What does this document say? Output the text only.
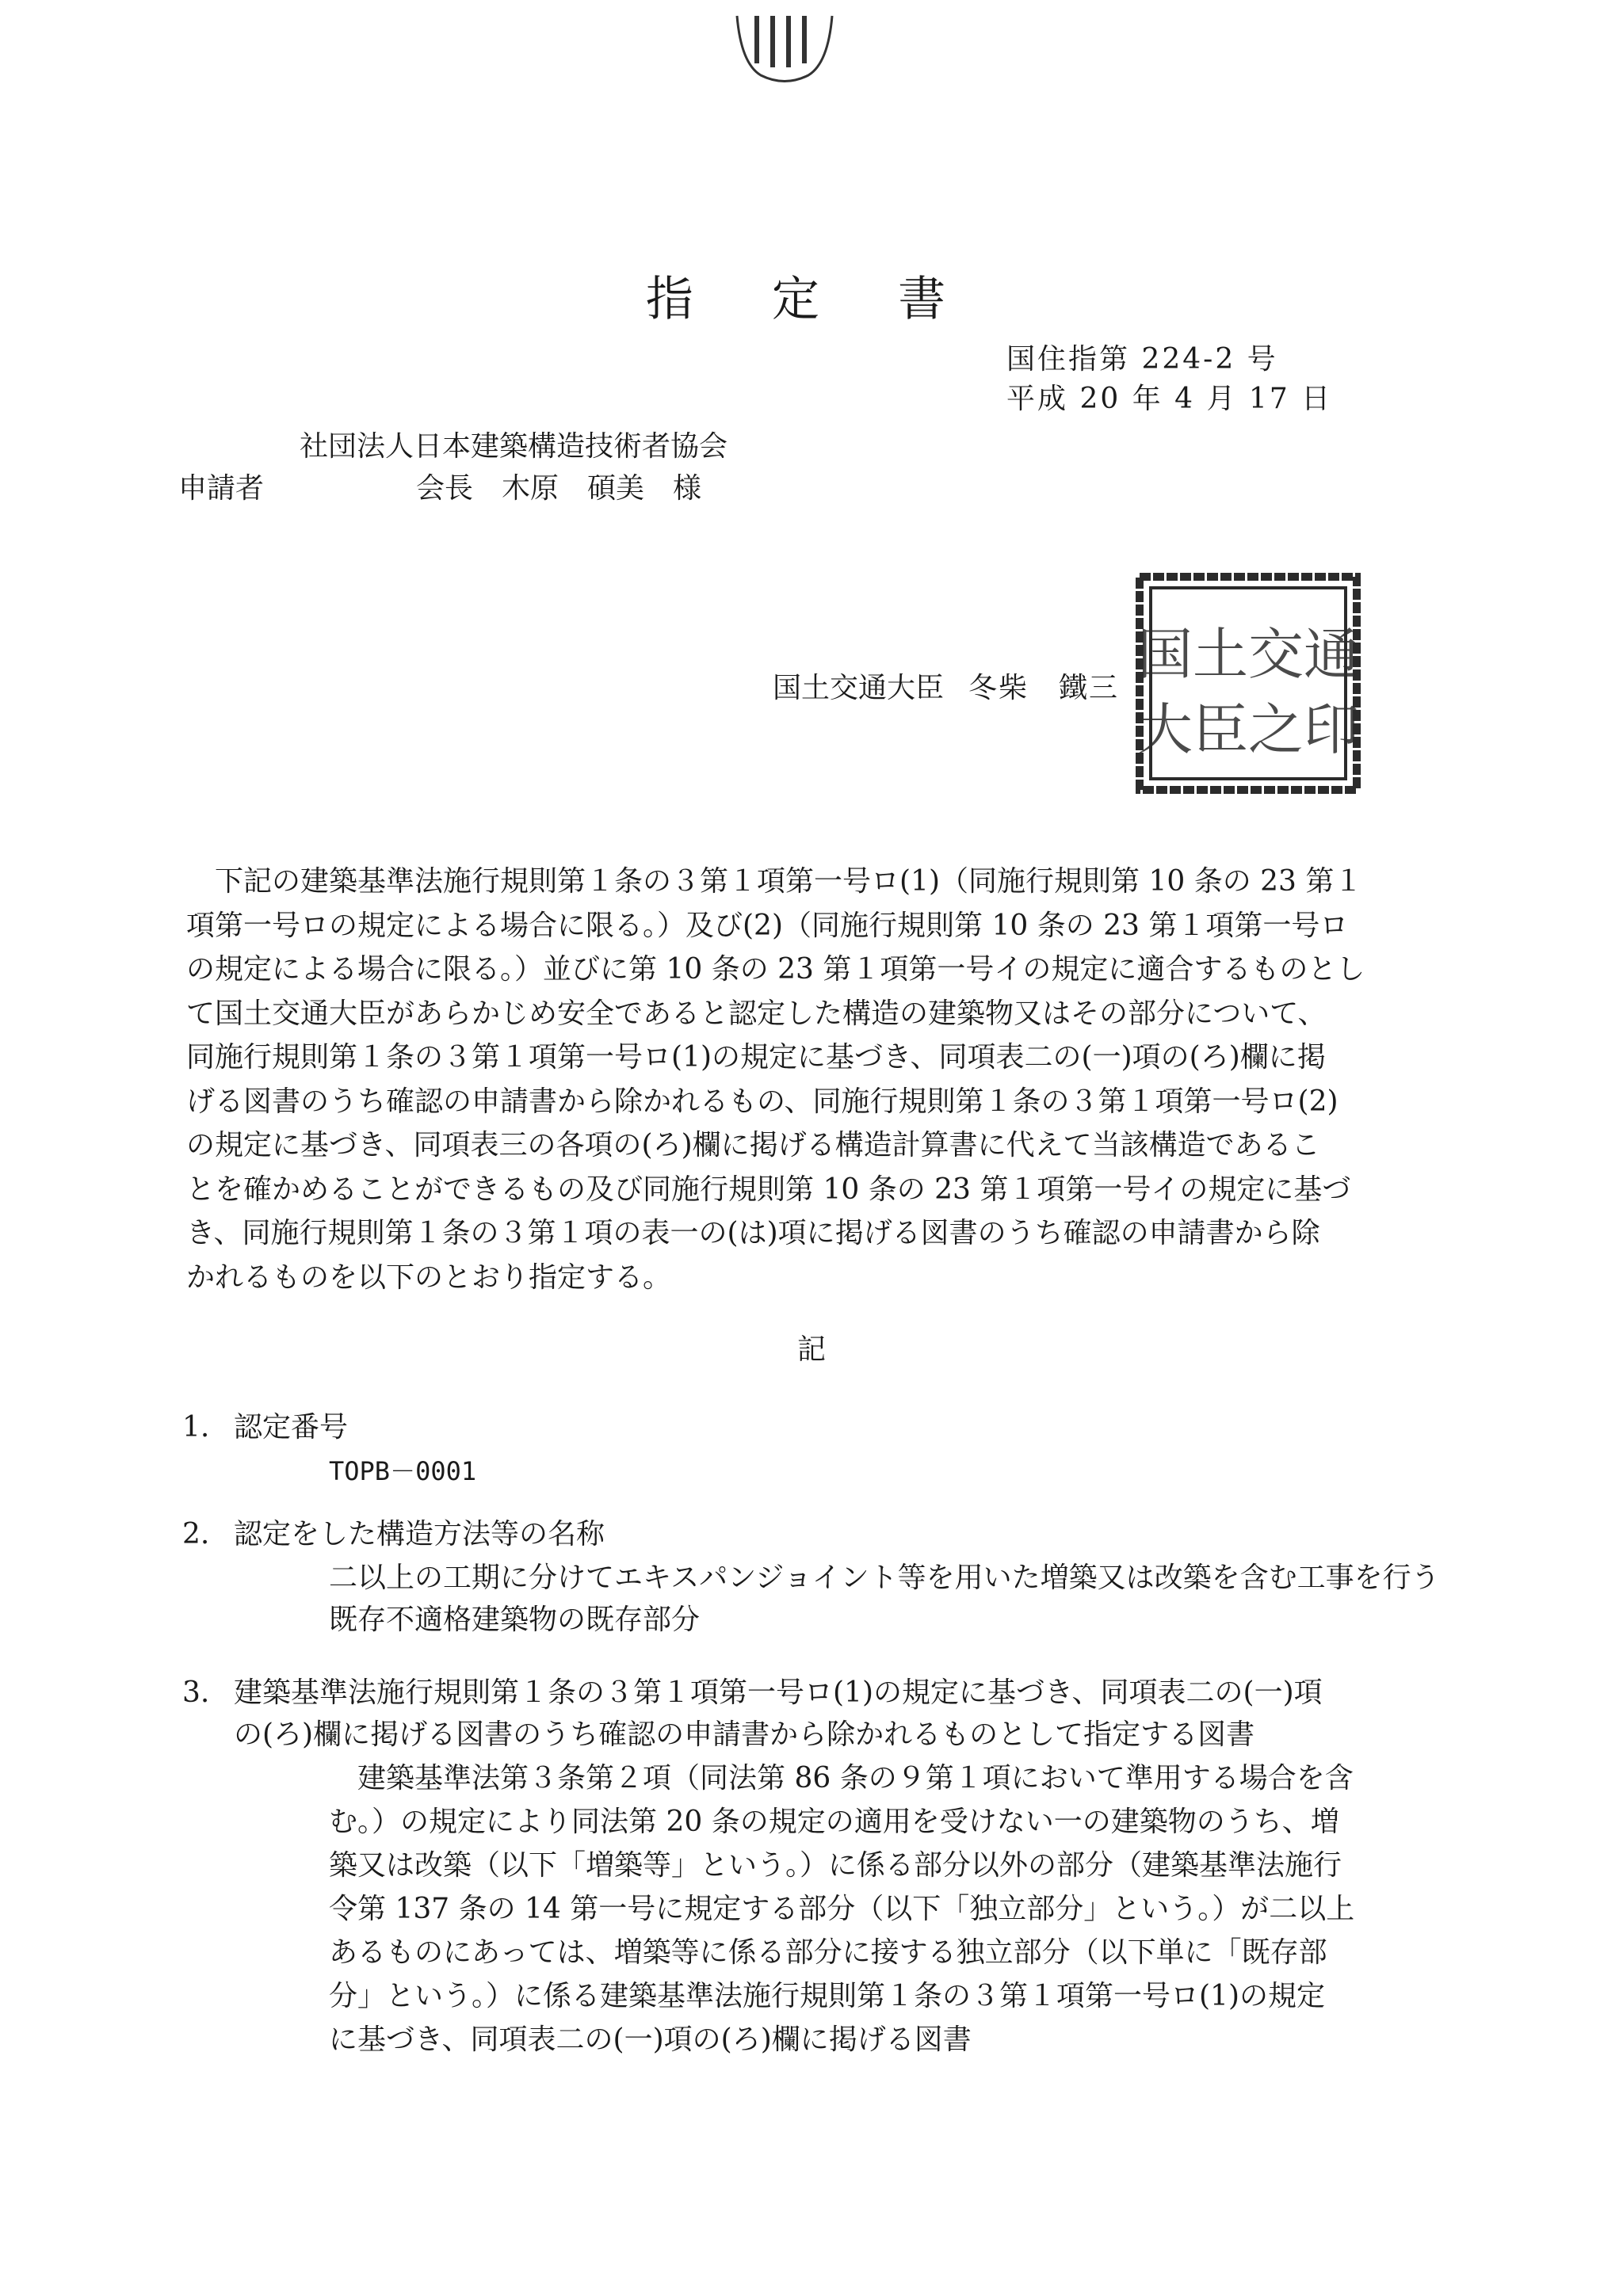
指 定 書
国住指第 224-2 号
平成 20 年 4 月 17 日
社団法人日本建築構造技術者協会
申請者	会長　木原　碩美　様
国土交通大臣 冬柴　鐵三
国土交通
大臣之印
下記の建築基準法施行規則第１条の３第１項第一号ロ(1)（同施行規則第 10 条の 23 第１
項第一号ロの規定による場合に限る。）及び(2)（同施行規則第 10 条の 23 第１項第一号ロ
の規定による場合に限る。）並びに第 10 条の 23 第１項第一号イの規定に適合するものとし
て国土交通大臣があらかじめ安全であると認定した構造の建築物又はその部分について、
同施行規則第１条の３第１項第一号ロ(1)の規定に基づき、同項表二の(一)項の(ろ)欄に掲
げる図書のうち確認の申請書から除かれるもの、同施行規則第１条の３第１項第一号ロ(2)
の規定に基づき、同項表三の各項の(ろ)欄に掲げる構造計算書に代えて当該構造であるこ
とを確かめることができるもの及び同施行規則第 10 条の 23 第１項第一号イの規定に基づ
き、同施行規則第１条の３第１項の表一の(は)項に掲げる図書のうち確認の申請書から除
かれるものを以下のとおり指定する。
記
1. 認定番号
TOPB－0001
2. 認定をした構造方法等の名称
二以上の工期に分けてエキスパンジョイント等を用いた増築又は改築を含む工事を行う
既存不適格建築物の既存部分
3. 建築基準法施行規則第１条の３第１項第一号ロ(1)の規定に基づき、同項表二の(一)項
の(ろ)欄に掲げる図書のうち確認の申請書から除かれるものとして指定する図書
　建築基準法第３条第２項（同法第 86 条の９第１項において準用する場合を含
む。）の規定により同法第 20 条の規定の適用を受けない一の建築物のうち、増
築又は改築（以下「増築等」という。）に係る部分以外の部分（建築基準法施行
令第 137 条の 14 第一号に規定する部分（以下「独立部分」という。）が二以上
あるものにあっては、増築等に係る部分に接する独立部分（以下単に「既存部
分」という。）に係る建築基準法施行規則第１条の３第１項第一号ロ(1)の規定
に基づき、同項表二の(一)項の(ろ)欄に掲げる図書
